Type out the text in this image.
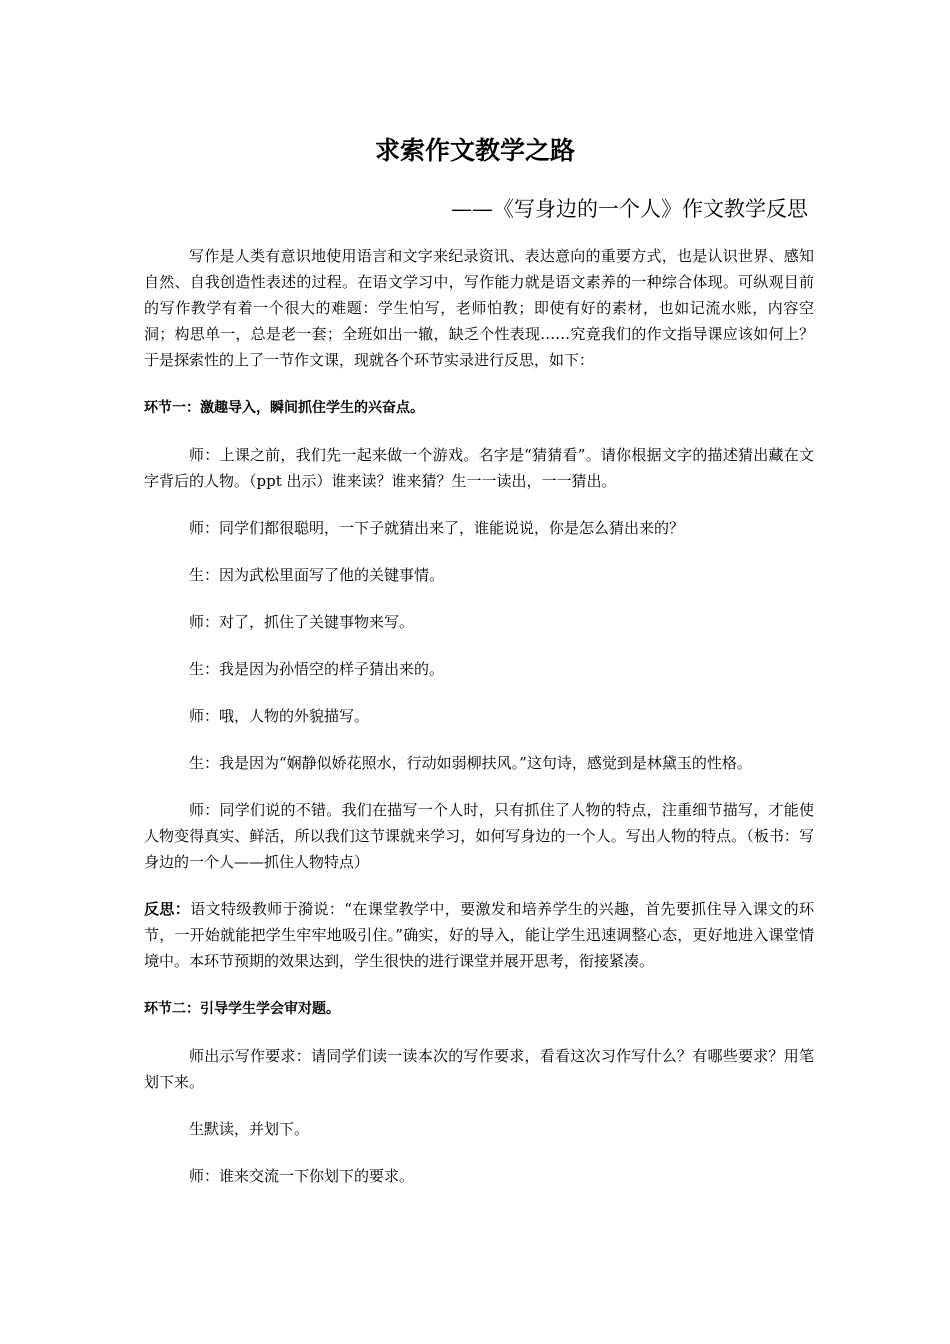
求索作文教学之路

——《写身边的一个人》作文教学反思

写作是人类有意识地使用语言和文字来纪录资讯、表达意向的重要方式，也是认识世界、感知自然、自我创造性表述的过程。在语文学习中，写作能力就是语文素养的一种综合体现。可纵观目前的写作教学有着一个很大的难题：学生怕写，老师怕教；即使有好的素材，也如记流水账，内容空洞；构思单一，总是老一套；全班如出一辙，缺乏个性表现……究竟我们的作文指导课应该如何上？于是探索性的上了一节作文课，现就各个环节实录进行反思，如下：

环节一：激趣导入，瞬间抓住学生的兴奋点。

师：上课之前，我们先一起来做一个游戏。名字是“猜猜看”。请你根据文字的描述猜出藏在文字背后的人物。（ppt 出示）谁来读？谁来猜？生一一读出，一一猜出。

师：同学们都很聪明，一下子就猜出来了，谁能说说，你是怎么猜出来的？

生：因为武松里面写了他的关键事情。

师：对了，抓住了关键事物来写。

生：我是因为孙悟空的样子猜出来的。

师：哦，人物的外貌描写。

生：我是因为“娴静似娇花照水，行动如弱柳扶风。”这句诗，感觉到是林黛玉的性格。

师：同学们说的不错。我们在描写一个人时，只有抓住了人物的特点，注重细节描写，才能使人物变得真实、鲜活，所以我们这节课就来学习，如何写身边的一个人。写出人物的特点。（板书：写身边的一个人——抓住人物特点）

反思：语文特级教师于漪说：“在课堂教学中，要激发和培养学生的兴趣，首先要抓住导入课文的环节，一开始就能把学生牢牢地吸引住。”确实，好的导入，能让学生迅速调整心态，更好地进入课堂情境中。本环节预期的效果达到，学生很快的进行课堂并展开思考，衔接紧凑。

环节二：引导学生学会审对题。

师出示写作要求：请同学们读一读本次的写作要求，看看这次习作写什么？有哪些要求？用笔划下来。

生默读，并划下。

师：谁来交流一下你划下的要求。
